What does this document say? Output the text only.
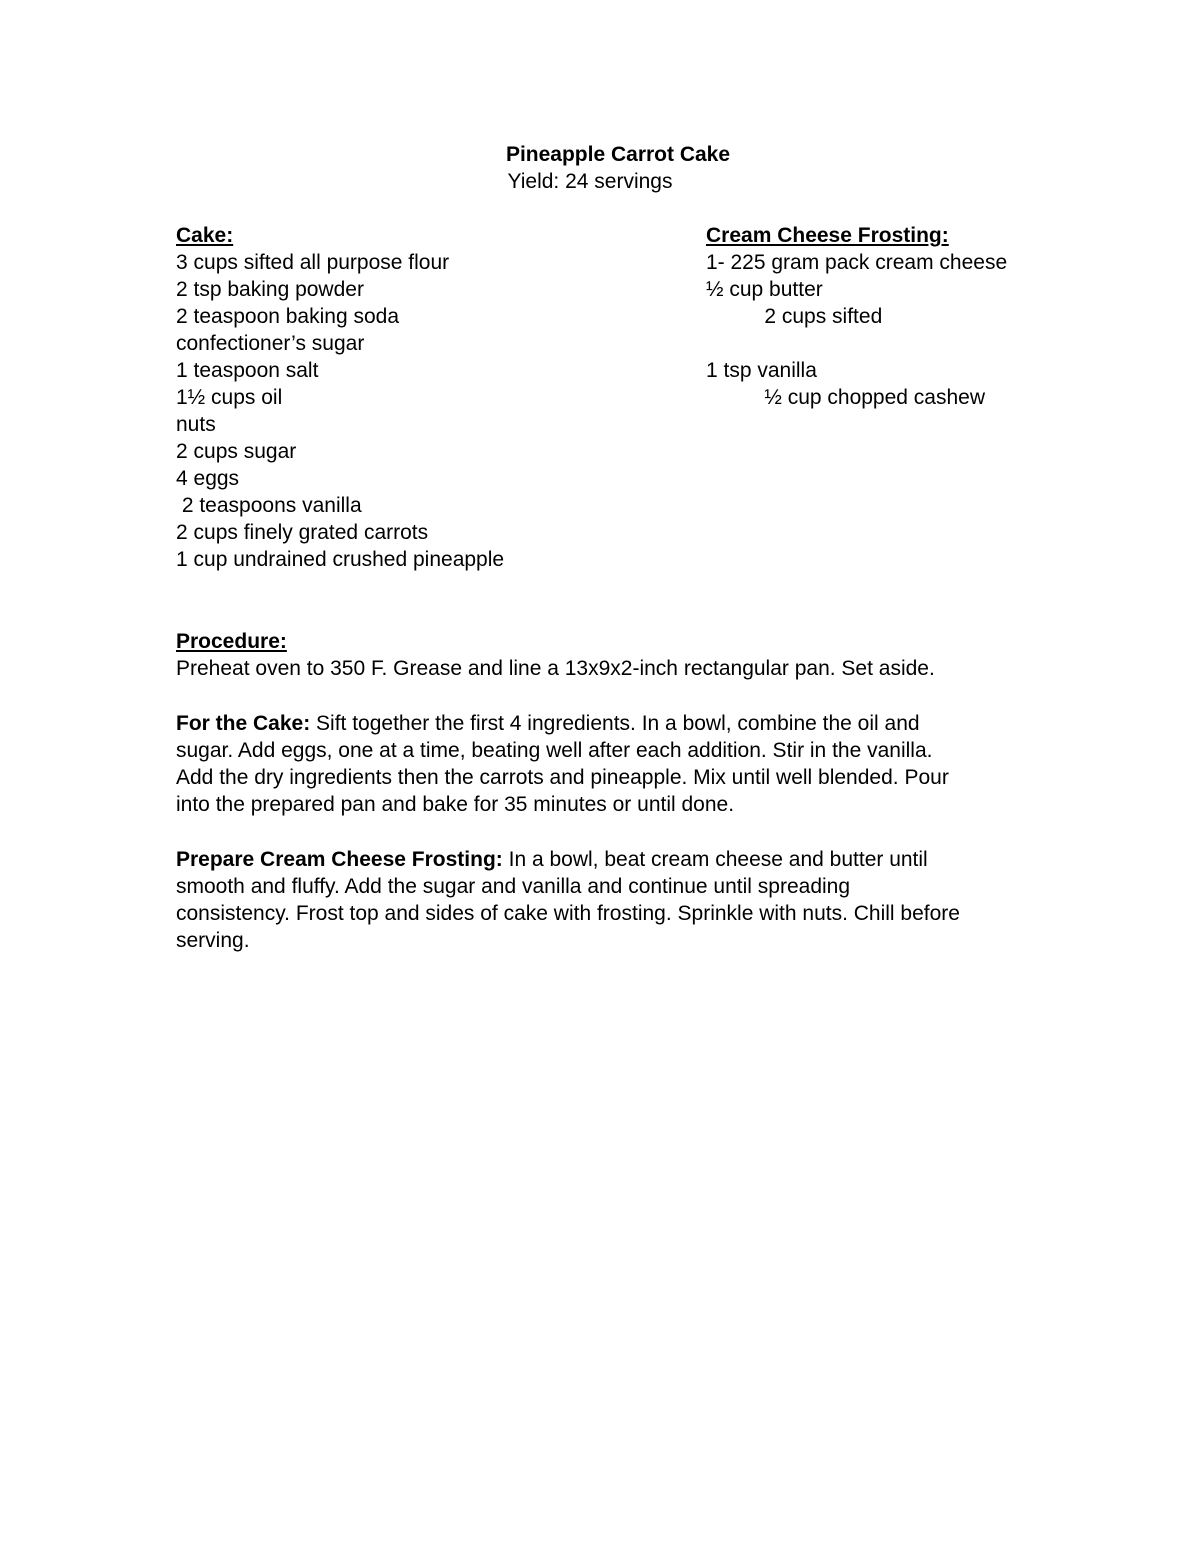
Pineapple Carrot Cake
Yield: 24 servings
Cake:
3 cups sifted all purpose flour
2 tsp baking powder
2 teaspoon baking soda
confectioner’s sugar
1 teaspoon salt
1½ cups oil
nuts
2 cups sugar
4 eggs
2 teaspoons vanilla
2 cups finely grated carrots
1 cup undrained crushed pineapple
Cream Cheese Frosting:
1- 225 gram pack cream cheese
½ cup butter
2 cups sifted
1 tsp vanilla
½ cup chopped cashew
Procedure:
Preheat oven to 350 F. Grease and line a 13x9x2-inch rectangular pan. Set aside.
For the Cake: Sift together the first 4 ingredients. In a bowl, combine the oil and
sugar. Add eggs, one at a time, beating well after each addition. Stir in the vanilla.
Add the dry ingredients then the carrots and pineapple. Mix until well blended. Pour
into the prepared pan and bake for 35 minutes or until done.
Prepare Cream Cheese Frosting: In a bowl, beat cream cheese and butter until
smooth and fluffy. Add the sugar and vanilla and continue until spreading
consistency. Frost top and sides of cake with frosting. Sprinkle with nuts. Chill before
serving.
